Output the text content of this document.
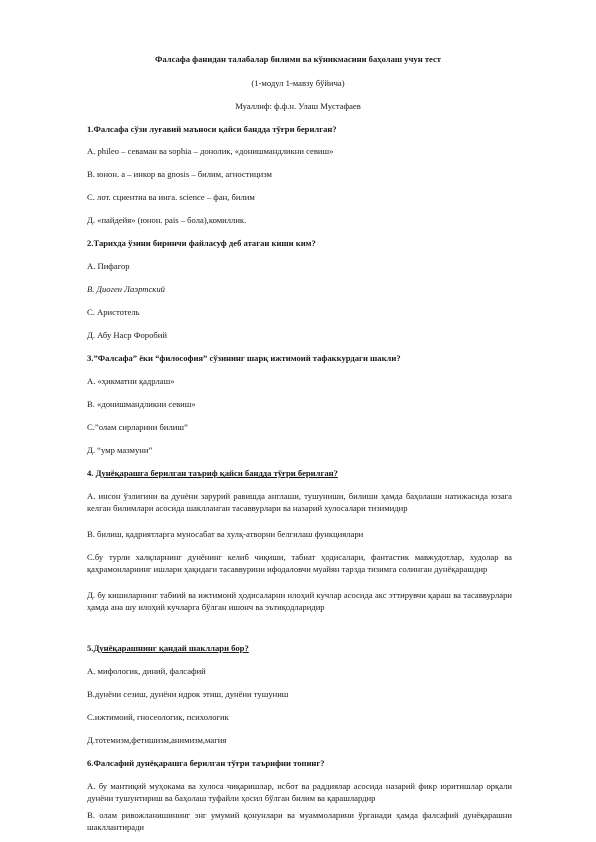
Фалсафа фанидан талабалар билими ва кўникмасини баҳолаш учун тест
(1-модул 1-мавзу бўйича)
Муаллиф: ф.ф.н. Улаш Мустафаев
1.Фалсафа сўзи луғавий маъноси қайси бандда тўғри берилган?
А. phileo – севаман ва sophia – донолик, «донишмандликни севиш»
В. юнон. а – инкор ва gnosis – билим, агностицизм
С. лот. сциентиа ва инга. science – фан, билим
Д. «пайдейя» (юнон. pais – бола),комиллик.
2.Тарихда ўзини биринчи файласуф деб атаган киши ким?
А. Пифагор
В. Диоген Лаэртский
С. Аристотель
Д. Абу Наср Форобий
3.”Фалсафа” ёки “философия” сўзининг шарқ ижтимоий тафаккурдаги шакли?
А. «ҳикматни қадрлаш»
В. «донишмандликни севиш»
С.”олам сирларини билиш”
Д. “умр мазмуни”
4. Дунёқарашга берилган таъриф қайси бандда тўғри берилган?
А. инсон ўзлигини ва дунёни зарурий равишда англаши, тушуниши, билиши ҳамда баҳолаши натижасида юзага келган билимлари асосида шаклланган тасаввурлари ва назарий хулосалари тизимидир
В. билиш, қадриятларга муносабат ва хулқ-атворни белгилаш функциялари
С.бу турли халқларнинг дунёнинг келиб чиқиши, табиат ҳодисалари, фантастик мавжудотлар, худолар ва қаҳрамонларнинг ишлари ҳақидаги тасаввурини ифодаловчи муайян тарзда тизимга солинган дунёқарашдир
Д. бу кишиларнинг табиий ва ижтимоий ҳодисаларни илоҳий кучлар асосида акс эттирувчи қараш ва тасаввурлари ҳамда ана шу илоҳий кучларга бўлган ишонч ва эътиқодларидир
5.Дунёқарашнинг қандай шакллари бор?
А. мифологик, диний, фалсафий
В.дунёни сезиш, дунёни идрок этиш, дунёни тушуниш
С.ижтимоий, гносеологик, психологик
Д.тотемизм,фетишизм,анимизм,магия
6.Фалсафий дунёқарашга берилган тўғри таърифни топинг?
А. бу мантиқий муҳокама ва хулоса чиқаришлар, исбот ва раддиялар асосида назарий фикр юритишлар орқали дунёни тушунтириш ва баҳолаш туфайли ҳосил бўлган билим ва қарашлардир
В. олам ривожланишининг энг умумий қонунлари ва муаммоларини ўрганади ҳамда фалсафий дунёқарашни шакллантиради
